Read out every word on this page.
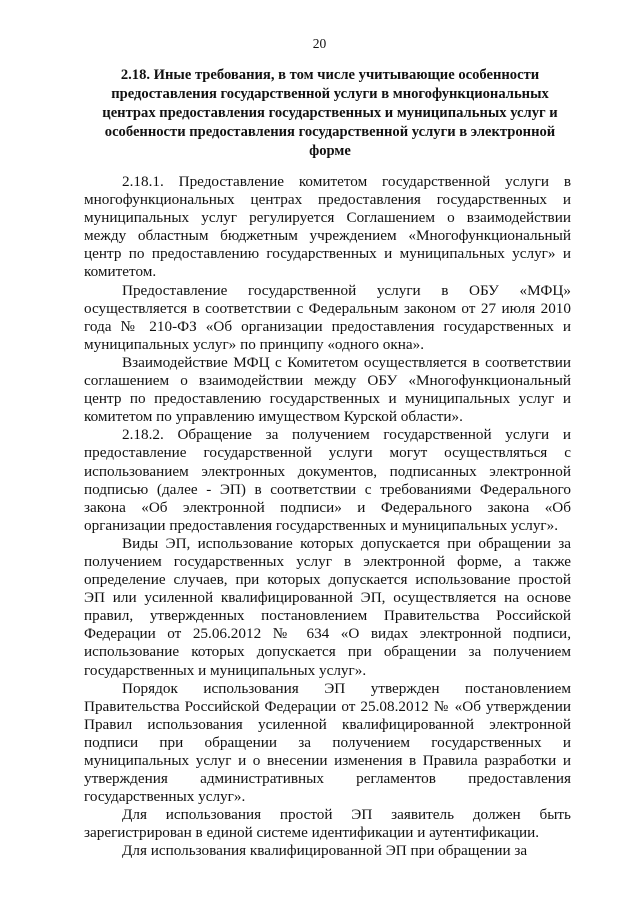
20
2.18. Иные требования, в том числе учитывающие особенности предоставления государственной услуги в многофункциональных центрах предоставления государственных и муниципальных услуг и особенности предоставления государственной услуги в электронной форме

2.18.1. Предоставление комитетом государственной услуги в многофункциональных центрах предоставления государственных и муниципальных услуг регулируется Соглашением о взаимодействии между областным бюджетным учреждением «Многофункциональный центр по предоставлению государственных и муниципальных услуг» и комитетом.

Предоставление государственной услуги в ОБУ «МФЦ» осуществляется в соответствии с Федеральным законом от 27 июля 2010 года № 210-ФЗ «Об организации предоставления государственных и муниципальных услуг» по принципу «одного окна».

Взаимодействие МФЦ с Комитетом осуществляется в соответствии соглашением о взаимодействии между ОБУ «Многофункциональный центр по предоставлению государственных и муниципальных услуг и комитетом по управлению имуществом Курской области».

2.18.2. Обращение за получением государственной услуги и предоставление государственной услуги могут осуществляться с использованием электронных документов, подписанных электронной подписью (далее - ЭП) в соответствии с требованиями Федерального закона «Об электронной подписи» и Федерального закона «Об организации предоставления государственных и муниципальных услуг».

Виды ЭП, использование которых допускается при обращении за получением государственных услуг в электронной форме, а также определение случаев, при которых допускается использование простой ЭП или усиленной квалифицированной ЭП, осуществляется на основе правил, утвержденных постановлением Правительства Российской Федерации от 25.06.2012 № 634 «О видах электронной подписи, использование которых допускается при обращении за получением государственных и муниципальных услуг».

Порядок использования ЭП утвержден постановлением Правительства Российской Федерации от 25.08.2012 № «Об утверждении Правил использования усиленной квалифицированной электронной подписи при обращении за получением государственных и муниципальных услуг и о внесении изменения в Правила разработки и утверждения административных регламентов предоставления государственных услуг».

Для использования простой ЭП заявитель должен быть зарегистрирован в единой системе идентификации и аутентификации.

Для использования квалифицированной ЭП при обращении за
